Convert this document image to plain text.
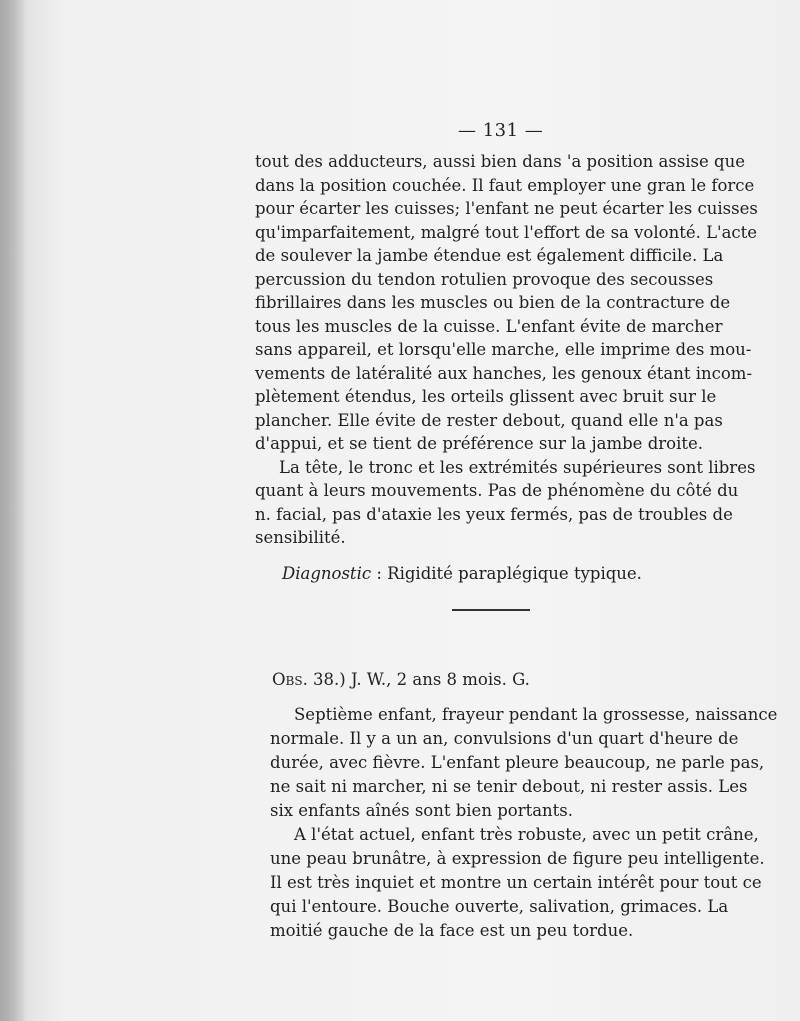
— 131 —

tout des adducteurs, aussi bien dans 'a position assise que
dans la position couchée. Il faut employer une gran le force
pour écarter les cuisses; l'enfant ne peut écarter les cuisses
qu'imparfaitement, malgré tout l'effort de sa volonté. L'acte
de soulever la jambe étendue est également difficile. La
percussion du tendon rotulien provoque des secousses
fibrillaires dans les muscles ou bien de la contracture de
tous les muscles de la cuisse. L'enfant évite de marcher
sans appareil, et lorsqu'elle marche, elle imprime des mou-
vements de latéralité aux hanches, les genoux étant incom-
plètement étendus, les orteils glissent avec bruit sur le
plancher. Elle évite de rester debout, quand elle n'a pas
d'appui, et se tient de préférence sur la jambe droite.

La tête, le tronc et les extrémités supérieures sont libres
quant à leurs mouvements. Pas de phénomène du côté du
n. facial, pas d'ataxie les yeux fermés, pas de troubles de
sensibilité.

Diagnostic : Rigidité paraplégique typique.
Obs. 38.) J. W., 2 ans 8 mois. G.

Septième enfant, frayeur pendant la grossesse, naissance
normale. Il y a un an, convulsions d'un quart d'heure de
durée, avec fièvre. L'enfant pleure beaucoup, ne parle pas,
ne sait ni marcher, ni se tenir debout, ni rester assis. Les
six enfants aînés sont bien portants.

A l'état actuel, enfant très robuste, avec un petit crâne,
une peau brunâtre, à expression de figure peu intelligente.
Il est très inquiet et montre un certain intérêt pour tout ce
qui l'entoure. Bouche ouverte, salivation, grimaces. La
moitié gauche de la face est un peu tordue.
